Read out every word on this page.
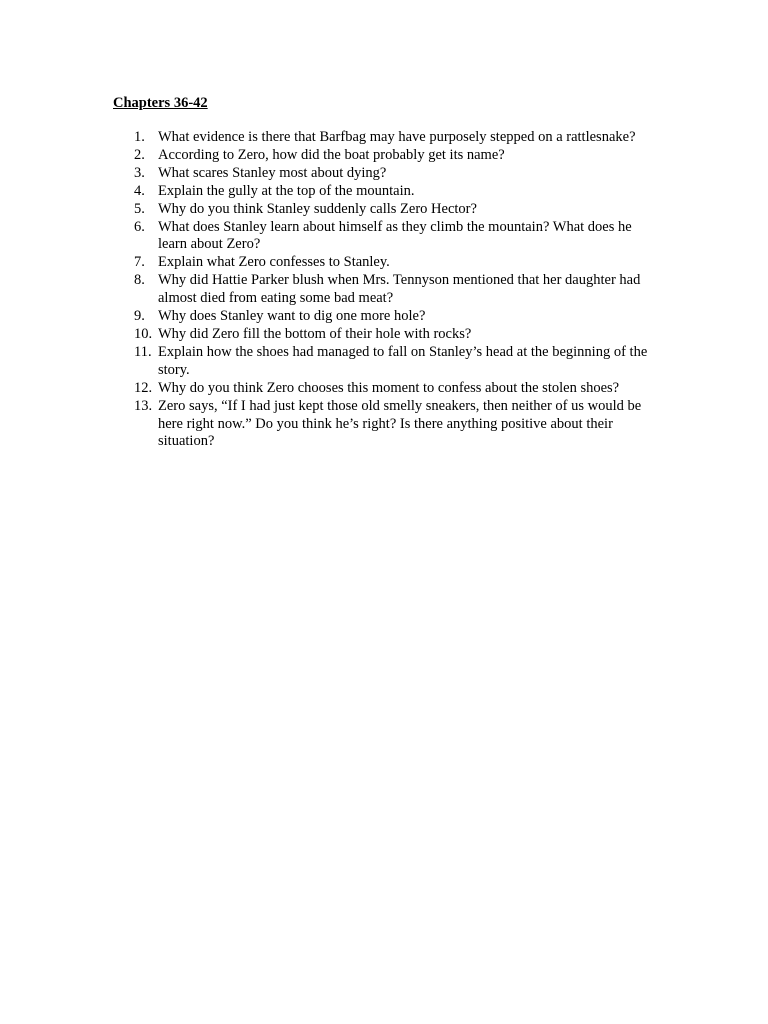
Chapters 36-42
1. What evidence is there that Barfbag may have purposely stepped on a rattlesnake?
2. According to Zero, how did the boat probably get its name?
3. What scares Stanley most about dying?
4. Explain the gully at the top of the mountain.
5. Why do you think Stanley suddenly calls Zero Hector?
6. What does Stanley learn about himself as they climb the mountain? What does he learn about Zero?
7. Explain what Zero confesses to Stanley.
8. Why did Hattie Parker blush when Mrs. Tennyson mentioned that her daughter had almost died from eating some bad meat?
9. Why does Stanley want to dig one more hole?
10. Why did Zero fill the bottom of their hole with rocks?
11. Explain how the shoes had managed to fall on Stanley’s head at the beginning of the story.
12. Why do you think Zero chooses this moment to confess about the stolen shoes?
13. Zero says, “If I had just kept those old smelly sneakers, then neither of us would be here right now.” Do you think he’s right? Is there anything positive about their situation?
